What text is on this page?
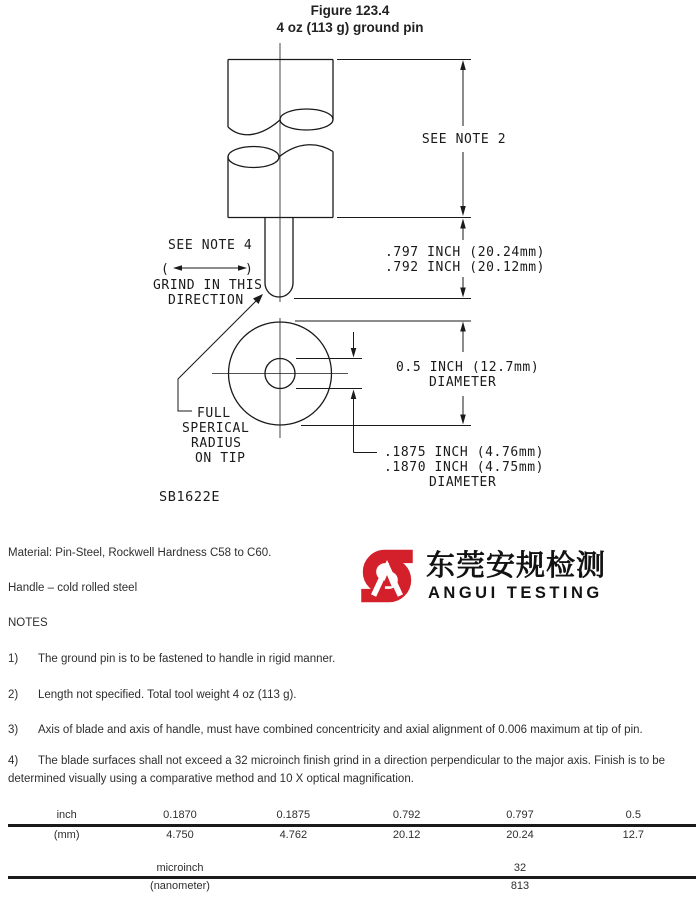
Figure 123.4
4 oz (113 g) ground pin
SEE NOTE 2
SEE NOTE 4
(	)
GRIND IN THIS
DIRECTION
.797 INCH (20.24mm)
.792 INCH (20.12mm)
0.5 INCH (12.7mm)
DIAMETER
.1875 INCH (4.76mm)
.1870 INCH (4.75mm)
DIAMETER
FULL
SPERICAL
RADIUS
ON TIP
SB1622E
Material: Pin-Steel, Rockwell Hardness C58 to C60.
Handle – cold rolled steel
NOTES
1) The ground pin is to be fastened to handle in rigid manner.
2) Length not specified. Total tool weight 4 oz (113 g).
3) Axis of blade and axis of handle, must have combined concentricity and axial alignment of 0.006 maximum at tip of pin.
4) The blade surfaces shall not exceed a 32 microinch finish grind in a direction perpendicular to the major axis. Finish is to be determined visually using a comparative method and 10 X optical magnification.
东莞安规检测
ANGUI TESTING
inch	0.1870	0.1875	0.792	0.797	0.5
(mm)	4.750	4.762	20.12	20.24	12.7
microinch	32
(nanometer)	813
